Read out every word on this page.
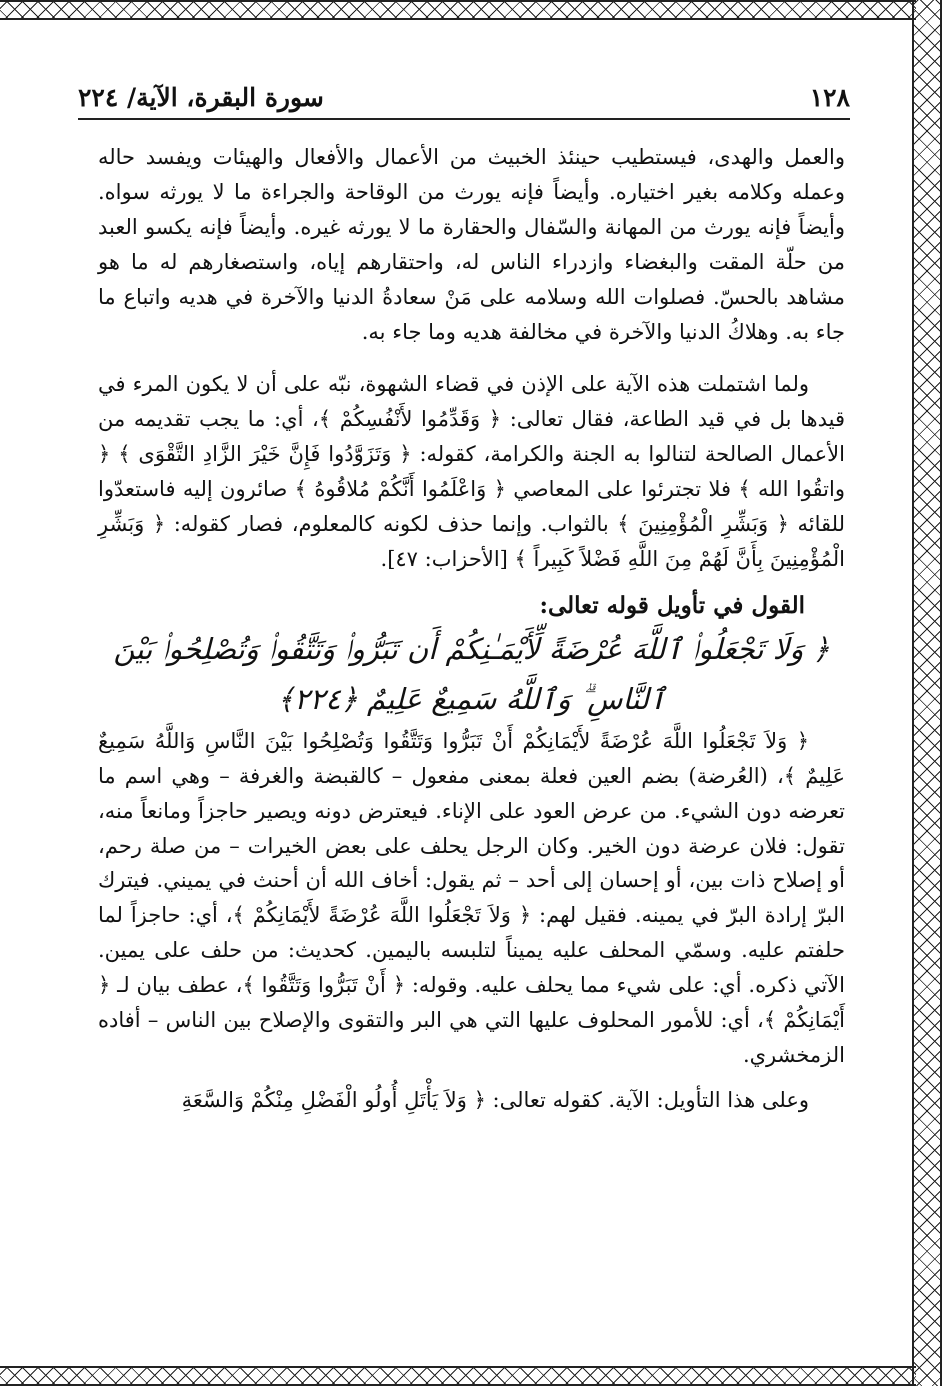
١٢٨
سورة البقرة، الآية/ ٢٢٤

والعمل والهدى، فيستطيب حينئذ الخبيث من الأعمال والأفعال والهيئات ويفسد حاله وعمله وكلامه بغير اختياره. وأيضاً فإنه يورث من الوقاحة والجراءة ما لا يورثه سواه. وأيضاً فإنه يورث من المهانة والسّفال والحقارة ما لا يورثه غيره. وأيضاً فإنه يكسو العبد من حلّة المقت والبغضاء وازدراء الناس له، واحتقارهم إياه، واستصغارهم له ما هو مشاهد بالحسّ. فصلوات الله وسلامه على مَنْ سعادةُ الدنيا والآخرة في هديه واتباع ما جاء به. وهلاكُ الدنيا والآخرة في مخالفة هديه وما جاء به.

ولما اشتملت هذه الآية على الإذن في قضاء الشهوة، نبّه على أن لا يكون المرء في قيدها بل في قيد الطاعة، فقال تعالى: ﴿ وَقَدِّمُوا لأَنْفُسِكُمْ ﴾، أي: ما يجب تقديمه من الأعمال الصالحة لتنالوا به الجنة والكرامة، كقوله: ﴿ وَتَزَوَّدُوا فَإِنَّ خَيْرَ الزَّادِ التَّقْوَى ﴾ ﴿ واتقُوا الله ﴾ فلا تجترئوا على المعاصي ﴿ وَاعْلَمُوا أَنَّكُمْ مُلاقُوهُ ﴾ صائرون إليه فاستعدّوا للقائه ﴿ وَبَشِّرِ الْمُؤْمِنِينَ ﴾ بالثواب. وإنما حذف لكونه كالمعلوم، فصار كقوله: ﴿ وَبَشِّرِ الْمُؤْمِنِينَ بِأَنَّ لَهُمْ مِنَ اللَّهِ فَضْلاً كَبِيراً ﴾ [الأحزاب: ٤٧].

القول في تأويل قوله تعالى:

﴿ وَلَا تَجْعَلُوا۟ ٱللَّهَ عُرْضَةً لِّأَيْمَـٰنِكُمْ أَن تَبَرُّوا۟ وَتَتَّقُوا۟ وَتُصْلِحُوا۟ بَيْنَ ٱلنَّاسِ ۗ وَٱللَّهُ سَمِيعٌ عَلِيمٌ ﴿٢٢٤﴾

﴿ وَلاَ تَجْعَلُوا اللَّهَ عُرْضَةً لأَيْمَانِكُمْ أَنْ تَبَرُّوا وَتَتَّقُوا وَتُصْلِحُوا بَيْنَ النَّاسِ وَاللَّهُ سَمِيعٌ عَلِيمٌ ﴾، (العُرضة) بضم العين فعلة بمعنى مفعول – كالقبضة والغرفة – وهي اسم ما تعرضه دون الشيء. من عرض العود على الإناء. فيعترض دونه ويصير حاجزاً ومانعاً منه، تقول: فلان عرضة دون الخير. وكان الرجل يحلف على بعض الخيرات – من صلة رحم، أو إصلاح ذات بين، أو إحسان إلى أحد – ثم يقول: أخاف الله أن أحنث في يميني. فيترك البرّ إرادة البرّ في يمينه. فقيل لهم: ﴿ وَلاَ تَجْعَلُوا اللَّهَ عُرْضَةً لأَيْمَانِكُمْ ﴾، أي: حاجزاً لما حلفتم عليه. وسمّي المحلف عليه يميناً لتلبسه باليمين. كحديث: من حلف على يمين. الآتي ذكره. أي: على شيء مما يحلف عليه. وقوله: ﴿ أَنْ تَبَرُّوا وَتَتَّقُوا ﴾، عطف بيان لـ ﴿ أَيْمَانِكُمْ ﴾، أي: للأمور المحلوف عليها التي هي البر والتقوى والإصلاح بين الناس – أفاده الزمخشري.

وعلى هذا التأويل: الآية. كقوله تعالى: ﴿ وَلاَ يَأْتَلِ أُولُو الْفَضْلِ مِنْكُمْ وَالسَّعَةِ
